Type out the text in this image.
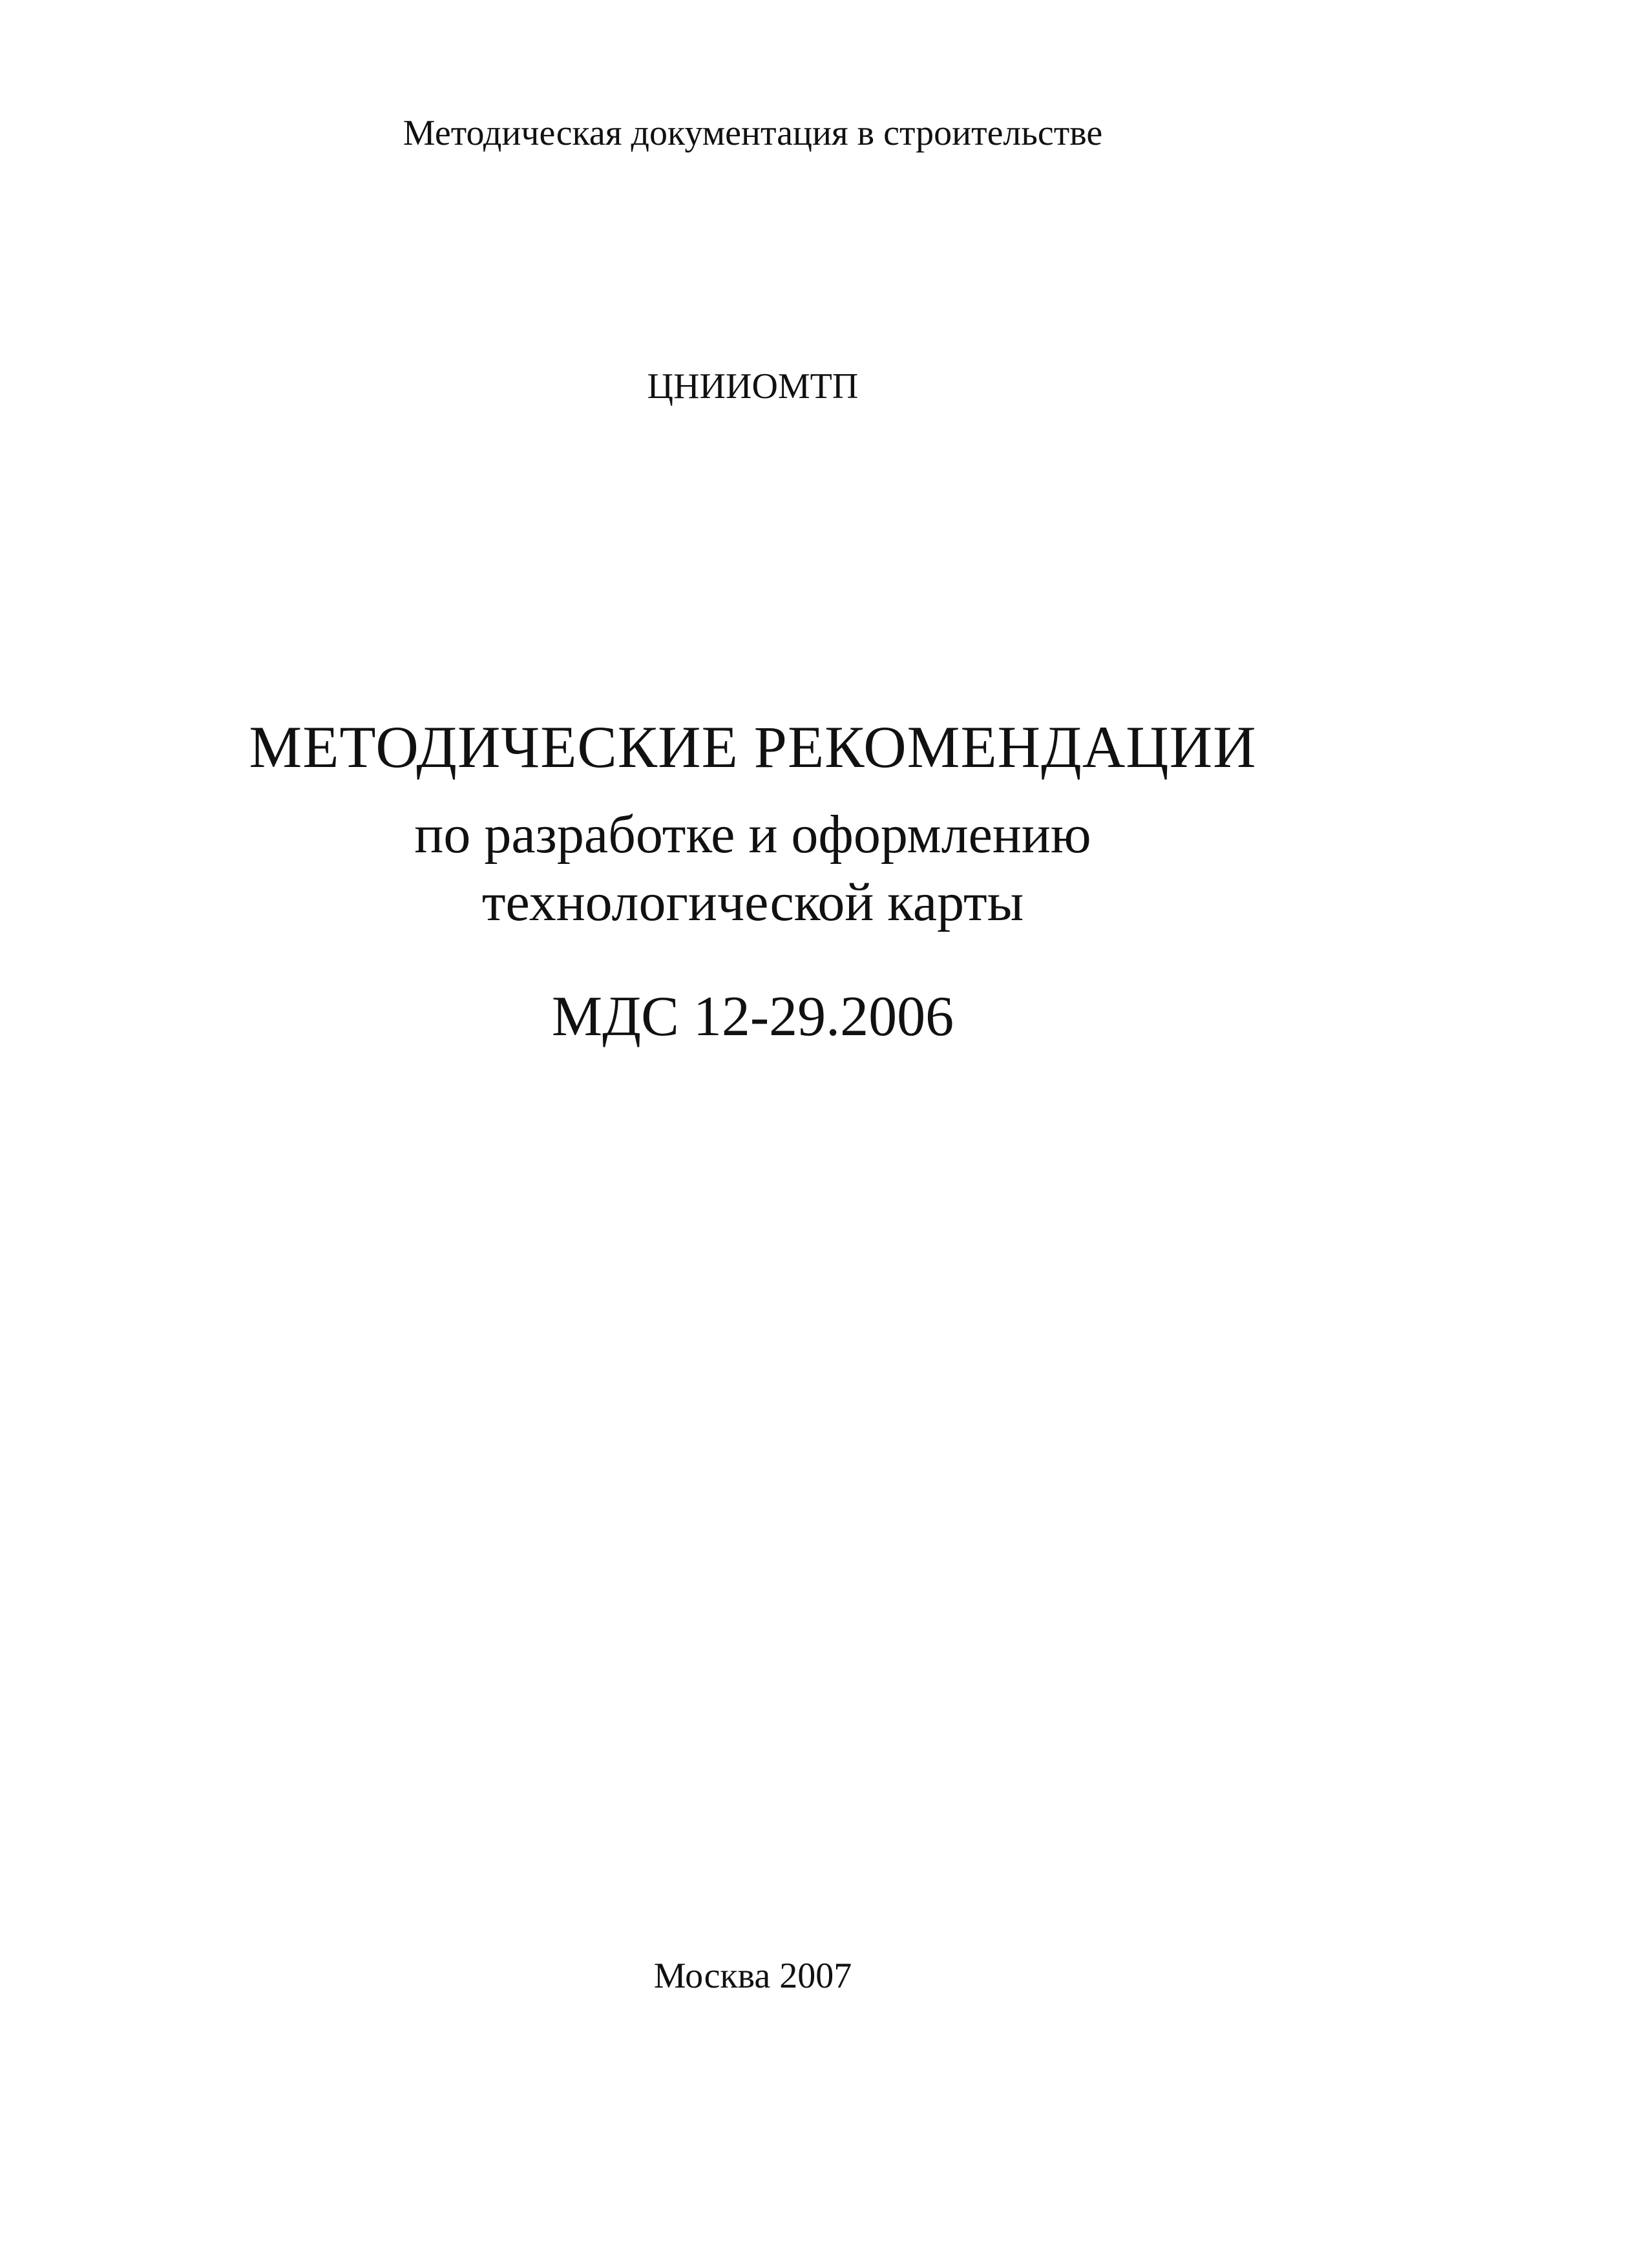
Методическая документация в строительстве
ЦНИИОМТП
МЕТОДИЧЕСКИЕ РЕКОМЕНДАЦИИ
по разработке и оформлению
технологической карты
МДС 12-29.2006
Москва 2007
